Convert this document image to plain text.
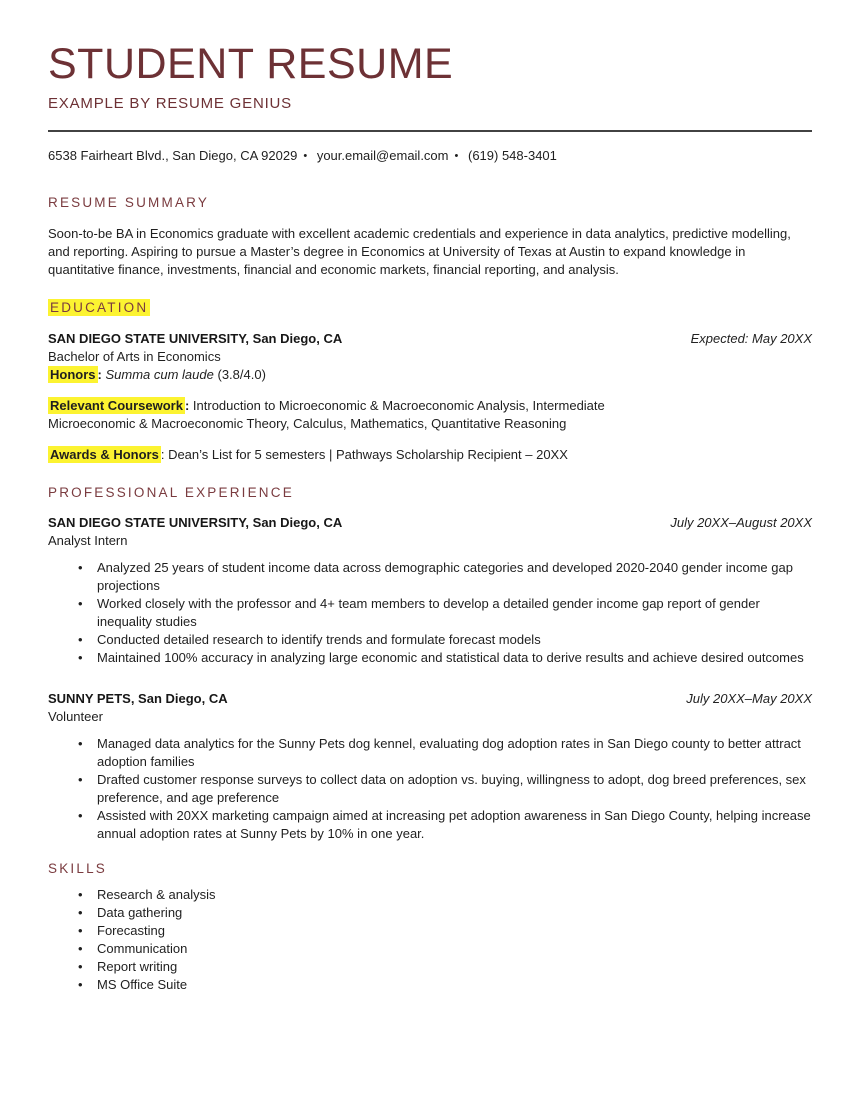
STUDENT RESUME
EXAMPLE BY RESUME GENIUS
6538 Fairheart Blvd., San Diego, CA 92029 • your.email@email.com • (619) 548-3401
RESUME SUMMARY

Soon-to-be BA in Economics graduate with excellent academic credentials and experience in data analytics, predictive modelling, and reporting. Aspiring to pursue a Master’s degree in Economics at University of Texas at Austin to expand knowledge in quantitative finance, investments, financial and economic markets, financial reporting, and analysis.

EDUCATION
SAN DIEGO STATE UNIVERSITY, San Diego, CA	Expected: May 20XX
Bachelor of Arts in Economics
Honors : Summa cum laude (3.8/4.0)

Relevant Coursework : Introduction to Microeconomic & Macroeconomic Analysis, Intermediate
Microeconomic & Macroeconomic Theory, Calculus, Mathematics, Quantitative Reasoning

Awards & Honors : Dean’s List for 5 semesters | Pathways Scholarship Recipient – 20XX

PROFESSIONAL EXPERIENCE
SAN DIEGO STATE UNIVERSITY, San Diego, CA	July 20XX–August 20XX
Analyst Intern
• Analyzed 25 years of student income data across demographic categories and developed 2020-2040 gender income gap projections
• Worked closely with the professor and 4+ team members to develop a detailed gender income gap report of gender inequality studies
• Conducted detailed research to identify trends and formulate forecast models
• Maintained 100% accuracy in analyzing large economic and statistical data to derive results and achieve desired outcomes
SUNNY PETS, San Diego, CA	July 20XX–May 20XX
Volunteer
• Managed data analytics for the Sunny Pets dog kennel, evaluating dog adoption rates in San Diego county to better attract adoption families
• Drafted customer response surveys to collect data on adoption vs. buying, willingness to adopt, dog breed preferences, sex preference, and age preference
• Assisted with 20XX marketing campaign aimed at increasing pet adoption awareness in San Diego County, helping increase annual adoption rates at Sunny Pets by 10% in one year.
SKILLS
• Research & analysis
• Data gathering
• Forecasting
• Communication
• Report writing
• MS Office Suite
